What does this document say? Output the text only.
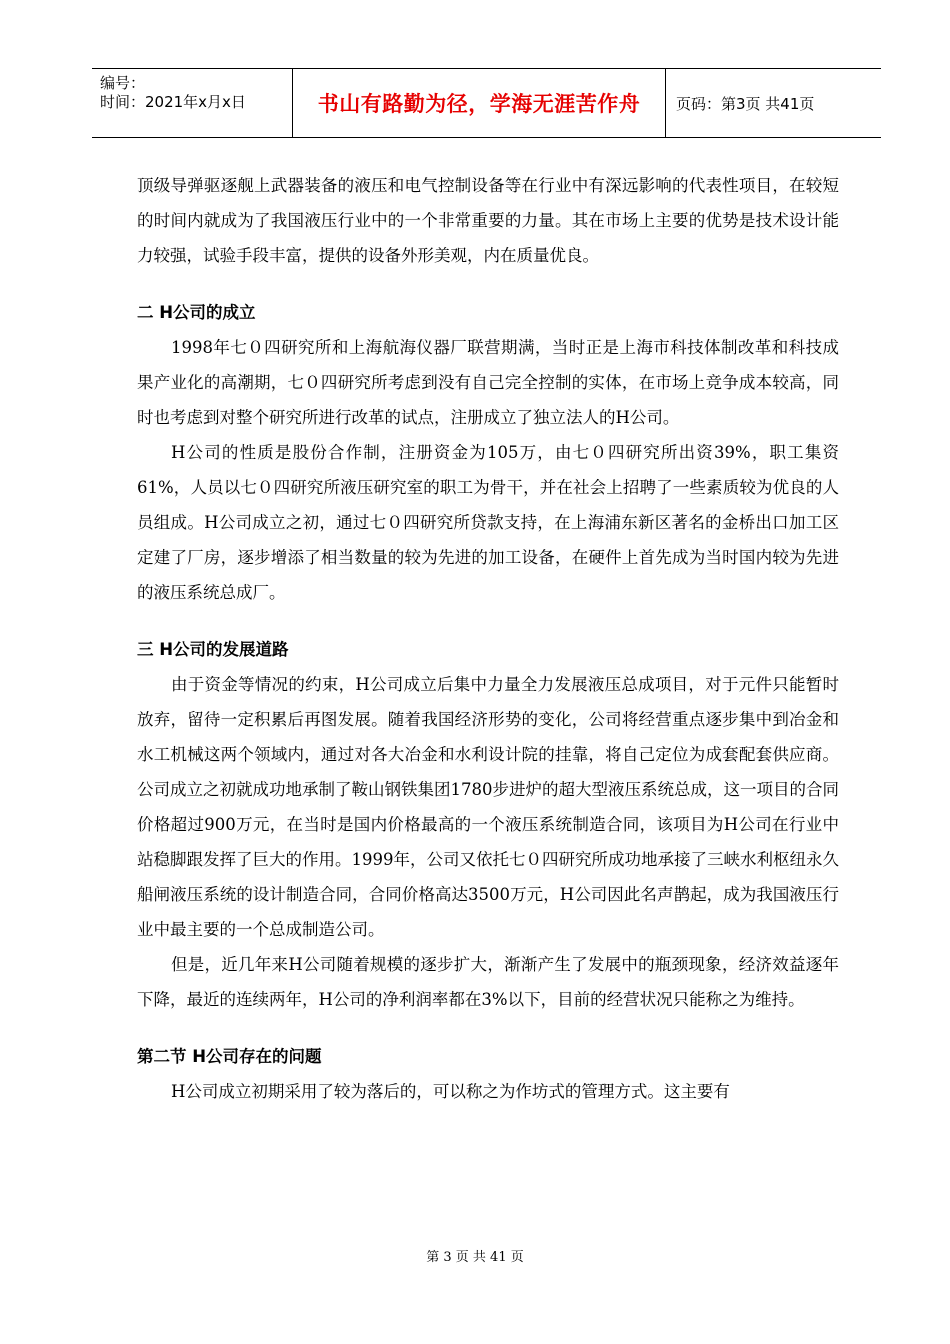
编号：
时间：2021年x月x日	书山有路勤为径，学海无涯苦作舟	页码：第3页 共41页

顶级导弹驱逐舰上武器装备的液压和电气控制设备等在行业中有深远影响的代表性项目，在较短的时间内就成为了我国液压行业中的一个非常重要的力量。其在市场上主要的优势是技术设计能力较强，试验手段丰富，提供的设备外形美观，内在质量优良。

二 H公司的成立

1998年七０四研究所和上海航海仪器厂联营期满，当时正是上海市科技体制改革和科技成果产业化的高潮期，七０四研究所考虑到没有自己完全控制的实体，在市场上竞争成本较高，同时也考虑到对整个研究所进行改革的试点，注册成立了独立法人的H公司。

H公司的性质是股份合作制，注册资金为105万，由七０四研究所出资39%，职工集资61%，人员以七０四研究所液压研究室的职工为骨干，并在社会上招聘了一些素质较为优良的人员组成。H公司成立之初，通过七０四研究所贷款支持，在上海浦东新区著名的金桥出口加工区定建了厂房，逐步增添了相当数量的较为先进的加工设备，在硬件上首先成为当时国内较为先进的液压系统总成厂。

三 H公司的发展道路

由于资金等情况的约束，H公司成立后集中力量全力发展液压总成项目，对于元件只能暂时放弃，留待一定积累后再图发展。随着我国经济形势的变化，公司将经营重点逐步集中到冶金和水工机械这两个领域内，通过对各大冶金和水利设计院的挂靠，将自己定位为成套配套供应商。公司成立之初就成功地承制了鞍山钢铁集团1780步进炉的超大型液压系统总成，这一项目的合同价格超过900万元，在当时是国内价格最高的一个液压系统制造合同，该项目为H公司在行业中站稳脚跟发挥了巨大的作用。1999年，公司又依托七０四研究所成功地承接了三峡水利枢纽永久船闸液压系统的设计制造合同，合同价格高达3500万元，H公司因此名声鹊起，成为我国液压行业中最主要的一个总成制造公司。

但是，近几年来H公司随着规模的逐步扩大，渐渐产生了发展中的瓶颈现象，经济效益逐年下降，最近的连续两年，H公司的净利润率都在3%以下，目前的经营状况只能称之为维持。

第二节 H公司存在的问题

H公司成立初期采用了较为落后的，可以称之为作坊式的管理方式。这主要有

第 3 页 共 41 页
